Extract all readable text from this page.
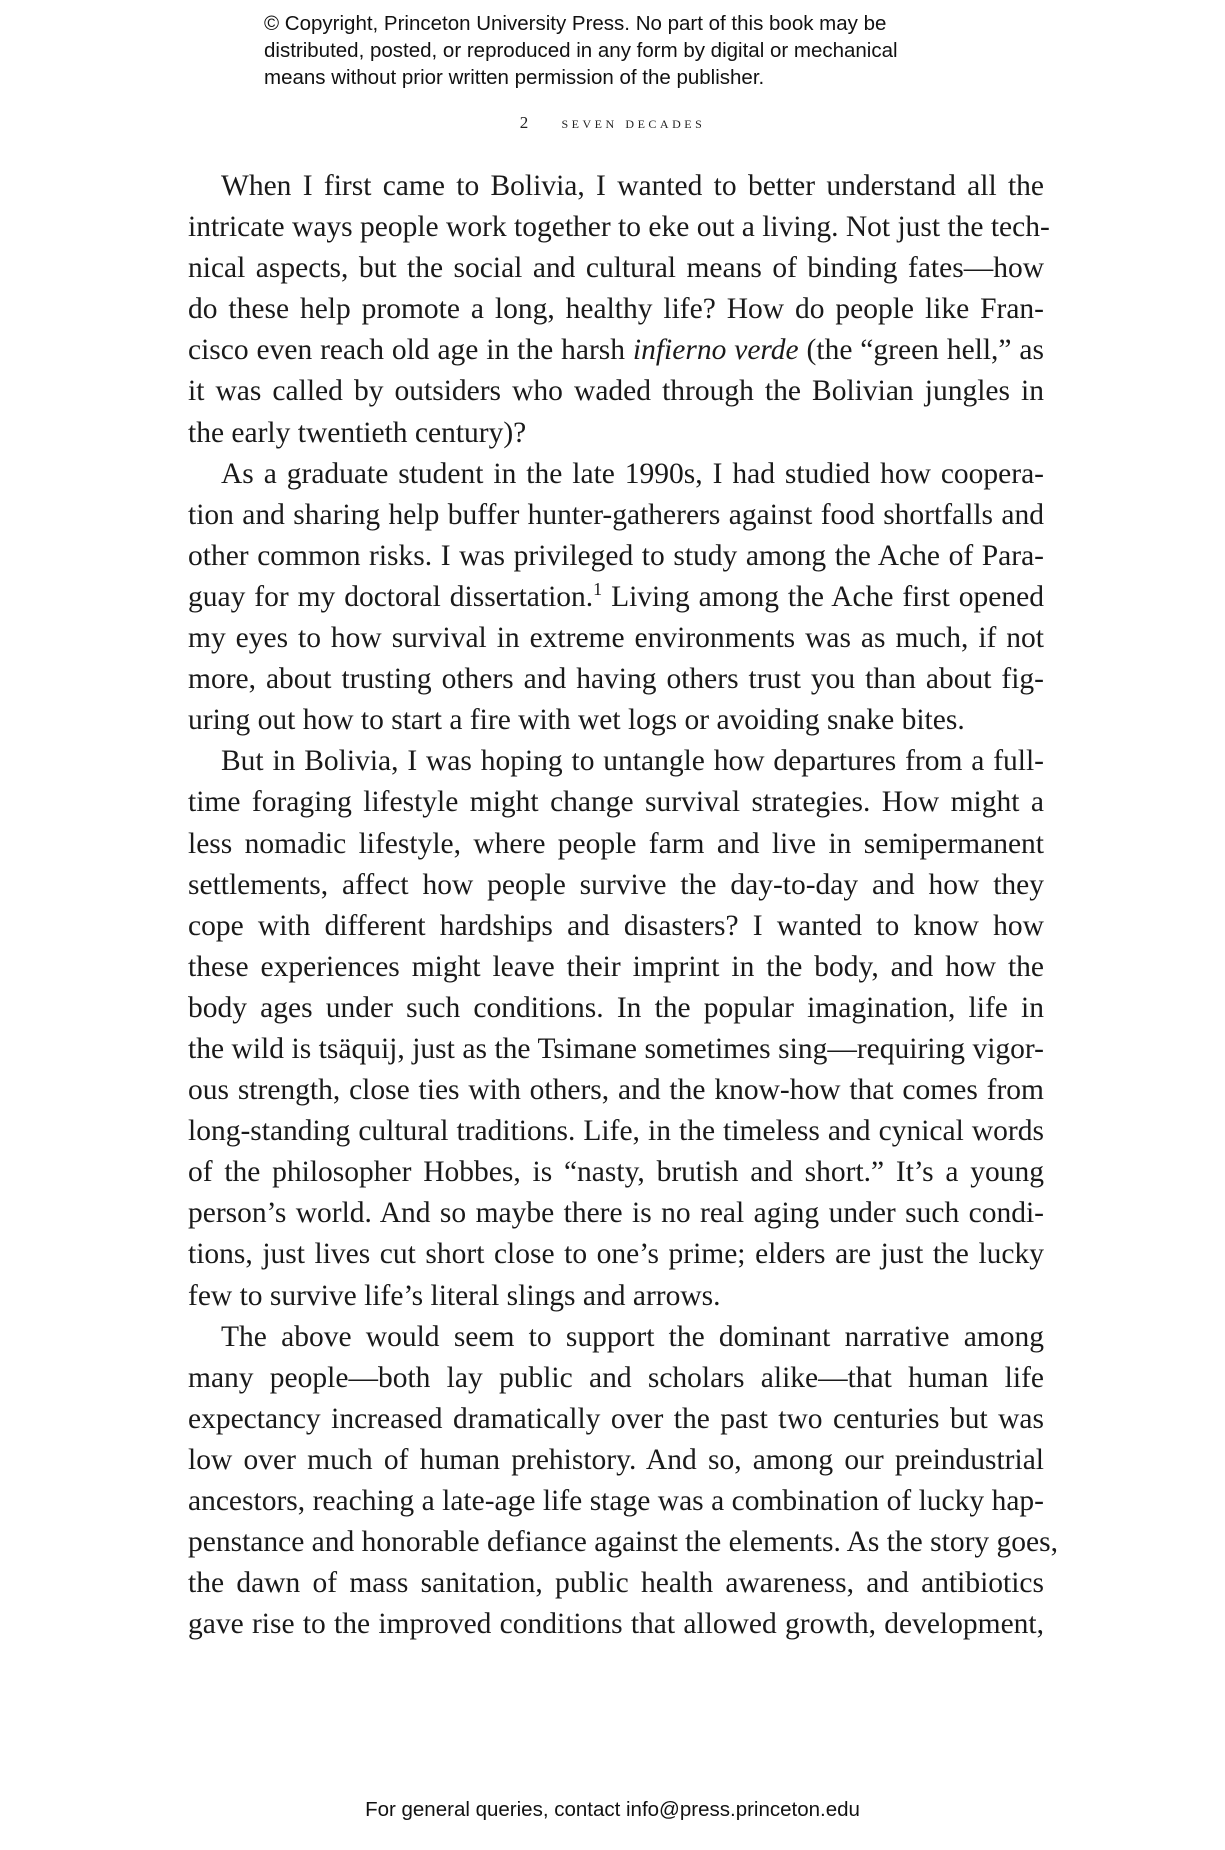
© Copyright, Princeton University Press. No part of this book may be
distributed, posted, or reproduced in any form by digital or mechanical
means without prior written permission of the publisher.
2 seven decades
When I first came to Bolivia, I wanted to better understand all the
intricate ways people work together to eke out a living. Not just the tech-
nical aspects, but the social and cultural means of binding fates—how
do these help promote a long, healthy life? How do people like Fran-
cisco even reach old age in the harsh infierno verde (the “green hell,” as
it was called by outsiders who waded through the Bolivian jungles in
the early twentieth century)?
As a graduate student in the late 1990s, I had studied how coopera-
tion and sharing help buffer hunter-gatherers against food shortfalls and
other common risks. I was privileged to study among the Ache of Para-
guay for my doctoral dissertation.$^1$ Living among the Ache first opened
my eyes to how survival in extreme environments was as much, if not
more, about trusting others and having others trust you than about fig-
uring out how to start a fire with wet logs or avoiding snake bites.
But in Bolivia, I was hoping to untangle how departures from a full-
time foraging lifestyle might change survival strategies. How might a
less nomadic lifestyle, where people farm and live in semipermanent
settlements, affect how people survive the day-to-day and how they
cope with different hardships and disasters? I wanted to know how
these experiences might leave their imprint in the body, and how the
body ages under such conditions. In the popular imagination, life in
the wild is tsäquij, just as the Tsimane sometimes sing—requiring vigor-
ous strength, close ties with others, and the know-how that comes from
long-standing cultural traditions. Life, in the timeless and cynical words
of the philosopher Hobbes, is “nasty, brutish and short.” It’s a young
person’s world. And so maybe there is no real aging under such condi-
tions, just lives cut short close to one’s prime; elders are just the lucky
few to survive life’s literal slings and arrows.
The above would seem to support the dominant narrative among
many people—both lay public and scholars alike—that human life
expectancy increased dramatically over the past two centuries but was
low over much of human prehistory. And so, among our preindustrial
ancestors, reaching a late-age life stage was a combination of lucky hap-
penstance and honorable defiance against the elements. As the story goes,
the dawn of mass sanitation, public health awareness, and antibiotics
gave rise to the improved conditions that allowed growth, development,
For general queries, contact info@press.princeton.edu
